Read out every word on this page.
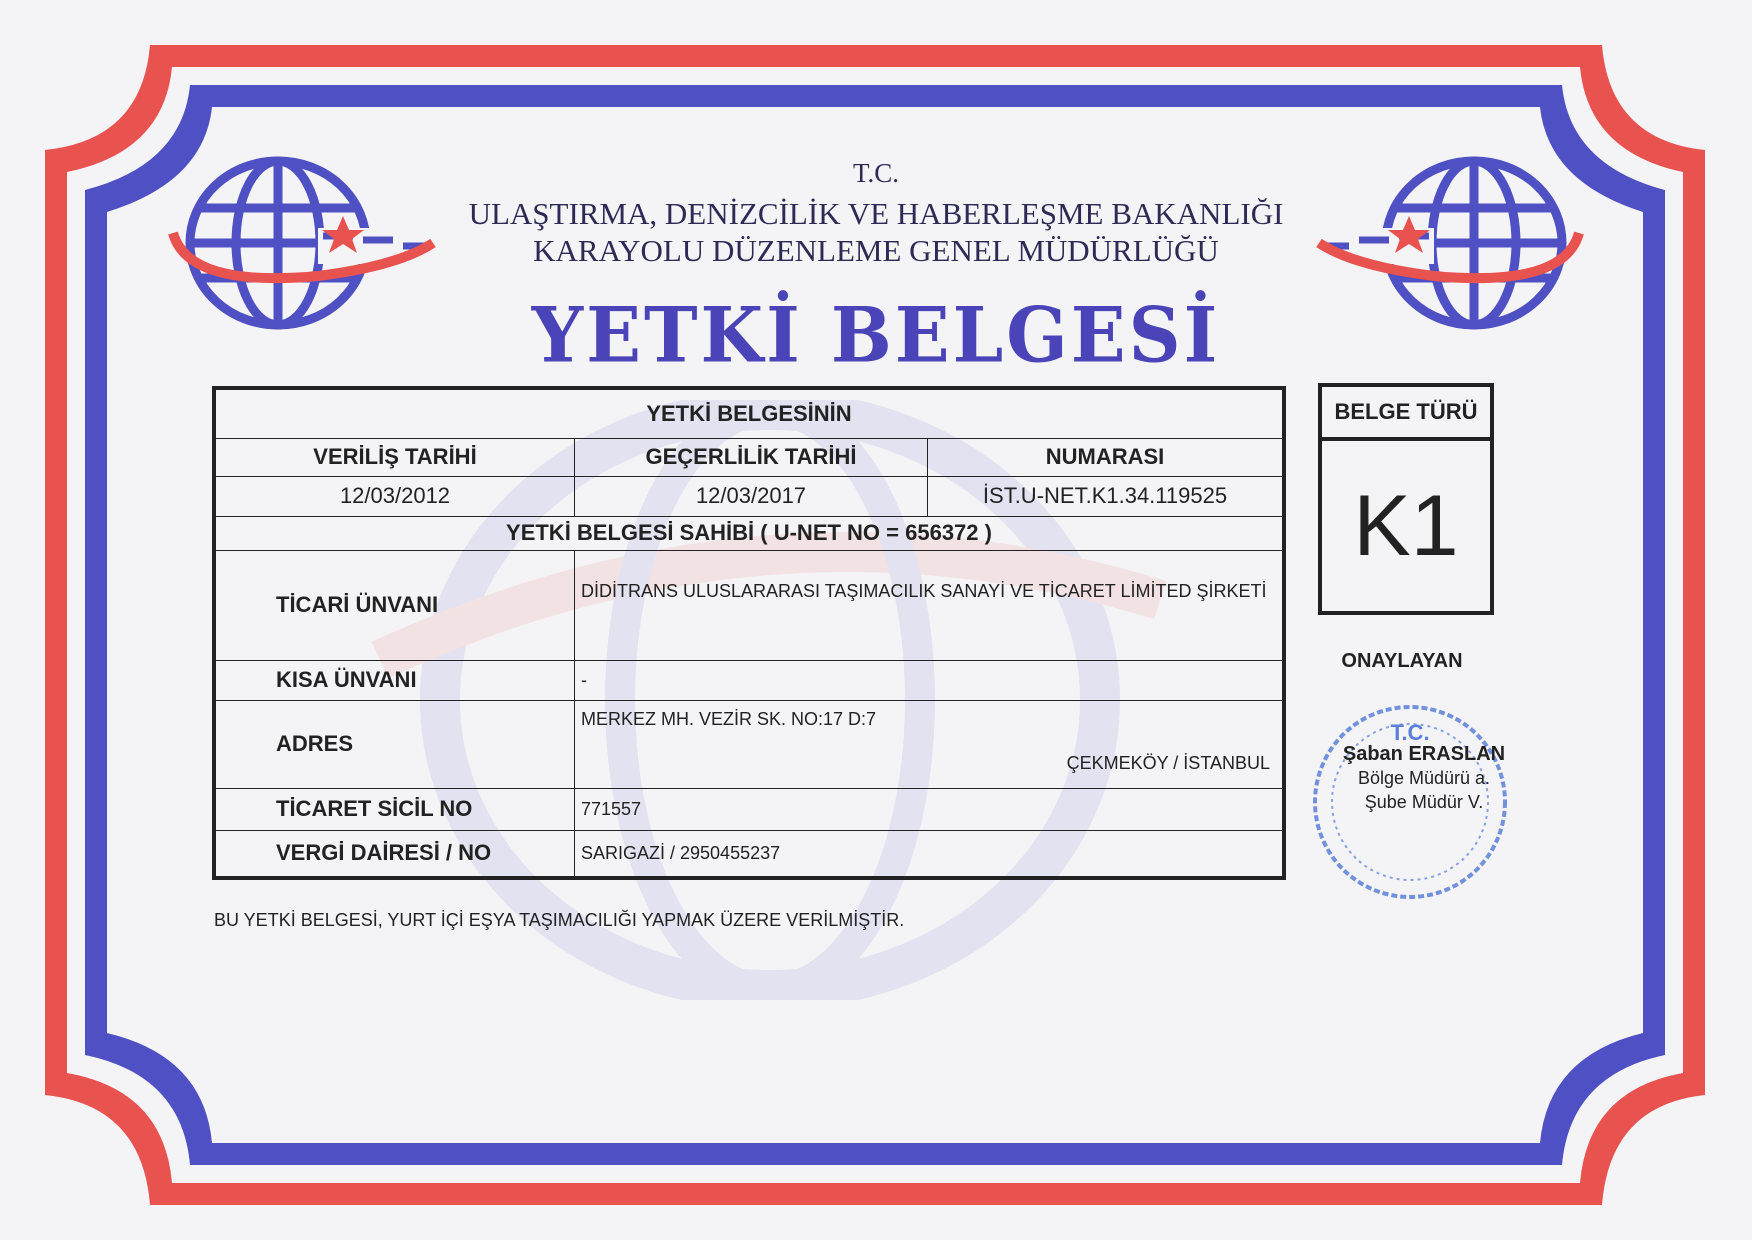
T.C.
ULAŞTIRMA, DENİZCİLİK VE HABERLEŞME BAKANLIĞI
KARAYOLU DÜZENLEME GENEL MÜDÜRLÜĞÜ
YETKİ BELGESİ
YETKİ BELGESİNİN		
VERİLİŞ TARİHİ	GEÇERLİLİK TARİHİ	NUMARASI
12/03/2012	12/03/2017	İST.U-NET.K1.34.119525
YETKİ BELGESİ SAHİBİ ( U-NET NO = 656372 )		
TİCARİ ÜNVANI	DİDİTRANS ULUSLARARASI TAŞIMACILIK SANAYİ VE TİCARET LİMİTED ŞİRKETİ	
KISA ÜNVANI	-	
ADRES	MERKEZ MH. VEZİR SK. NO:17 D:7
ÇEKMEKÖY / İSTANBUL	

TİCARET SİCİL NO	771557	
VERGİ DAİRESİ / NO	SARIGAZİ / 2950455237	
BELGE TÜRÜ
K1
ONAYLAYAN
T.C.
Şaban ERASLAN
Bölge Müdürü a.
Şube Müdür V.
BU YETKİ BELGESİ, YURT İÇİ EŞYA TAŞIMACILIĞI YAPMAK ÜZERE VERİLMİŞTİR.
